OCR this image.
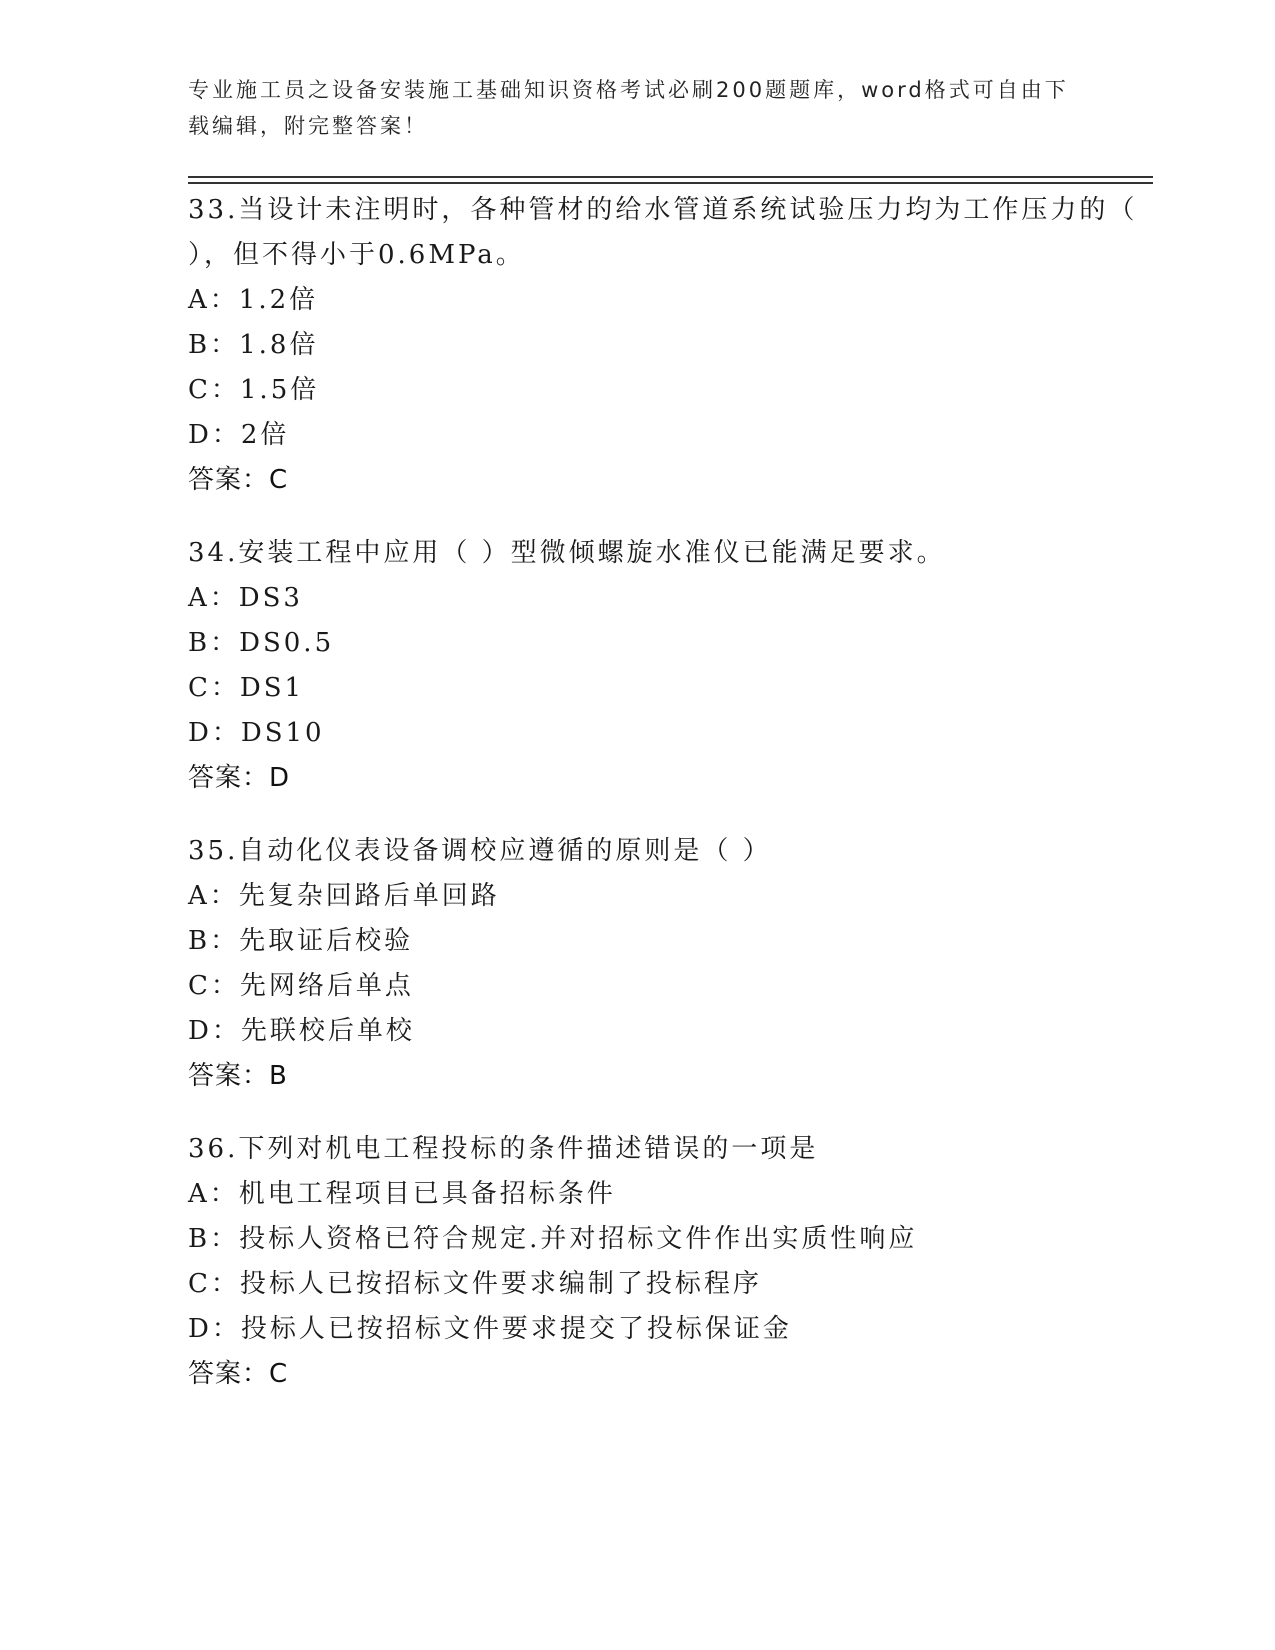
专业施工员之设备安装施工基础知识资格考试必刷200题题库，word格式可自由下载编辑，附完整答案！
33.当设计未注明时，各种管材的给水管道系统试验压力均为工作压力的（ ），但不得小于0.6MPa。
A：1.2倍
B：1.8倍
C：1.5倍
D：2倍
答案：C
34.安装工程中应用（ ）型微倾螺旋水准仪已能满足要求。
A：DS3
B：DS0.5
C：DS1
D：DS10
答案：D
35.自动化仪表设备调校应遵循的原则是（ ）
A：先复杂回路后单回路
B：先取证后校验
C：先网络后单点
D：先联校后单校
答案：B
36.下列对机电工程投标的条件描述错误的一项是
A：机电工程项目已具备招标条件
B：投标人资格已符合规定.并对招标文件作出实质性响应
C：投标人已按招标文件要求编制了投标程序
D：投标人已按招标文件要求提交了投标保证金
答案：C
